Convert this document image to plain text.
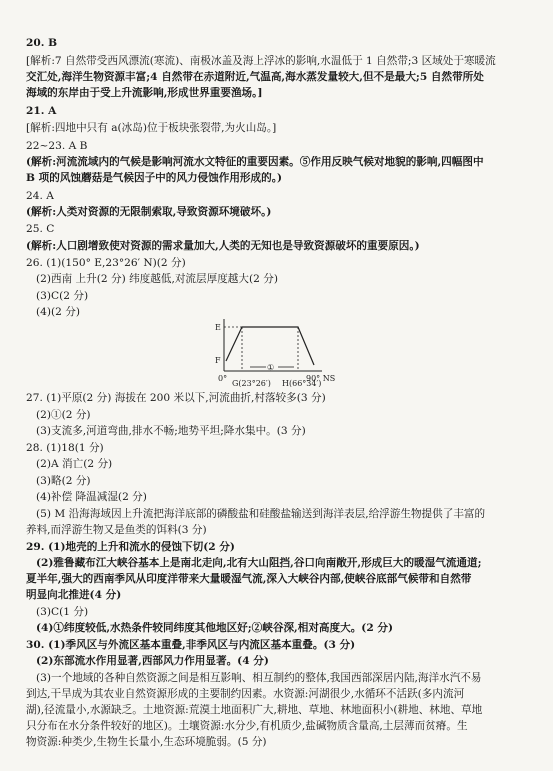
20. B
[解析:7 自然带受西风漂流(寒流)、南极冰盖及海上浮冰的影响,水温低于 1 自然带;3 区域处于寒暖流
交汇处,海洋生物资源丰富;4 自然带在赤道附近,气温高,海水蒸发量较大,但不是最大;5 自然带所处
海域的东岸由于受上升流影响,形成世界重要渔场。]
21. A
[解析:四地中只有 a(冰岛)位于板块张裂带,为火山岛。]
22~23. A B
(解析:河流流域内的气候是影响河流水文特征的重要因素。⑤作用反映气候对地貌的影响,四幅图中
B 项的风蚀蘑菇是气候因子中的风力侵蚀作用形成的。)
24. A
(解析:人类对资源的无限制索取,导致资源环境破坏。)
25. C
(解析:人口剧增致使对资源的需求量加大,人类的无知也是导致资源破坏的重要原因。)
26. (1)(150° E,23°26′ N)(2 分)
(2)西南 上升(2 分) 纬度越低,对流层厚度越大(2 分)
(3)C(2 分)
(4)(2 分)
E
F
0°
①
90° NS
G(23°26′) H(66°34′)
27. (1)平原(2 分) 海拔在 200 米以下,河流曲折,村落较多(3 分)
(2)①(2 分)
(3)支流多,河道弯曲,排水不畅;地势平坦;降水集中。(3 分)
28. (1)18(1 分)
(2)A 消亡(2 分)
(3)略(2 分)
(4)补偿 降温减湿(2 分)
(5) M 沿海海域因上升流把海洋底部的磷酸盐和硅酸盐输送到海洋表层,给浮游生物提供了丰富的
养料,而浮游生物又是鱼类的饵料(3 分)
29. (1)地壳的上升和流水的侵蚀下切(2 分)
(2)雅鲁藏布江大峡谷基本上是南北走向,北有大山阻挡,谷口向南敞开,形成巨大的暖湿气流通道;
夏半年,强大的西南季风从印度洋带来大量暖湿气流,深入大峡谷内部,使峡谷底部气候带和自然带
明显向北推进(4 分)
(3)C(1 分)
(4)①纬度较低,水热条件较同纬度其他地区好;②峡谷深,相对高度大。(2 分)
30. (1)季风区与外流区基本重叠,非季风区与内流区基本重叠。(3 分)
(2)东部流水作用显著,西部风力作用显著。(4 分)
(3)一个地域的各种自然资源之间是相互影响、相互制约的整体,我国西部深居内陆,海洋水汽不易
到达,干旱成为其农业自然资源形成的主要制约因素。水资源:河湖很少,水循环不活跃(多内流河
湖),径流量小,水源缺乏。土地资源:荒漠土地面积广大,耕地、草地、林地面积小(耕地、林地、草地
只分布在水分条件较好的地区)。土壤资源:水分少,有机质少,盐碱物质含量高,土层薄而贫瘠。生
物资源:种类少,生物生长量小,生态环境脆弱。(5 分)
